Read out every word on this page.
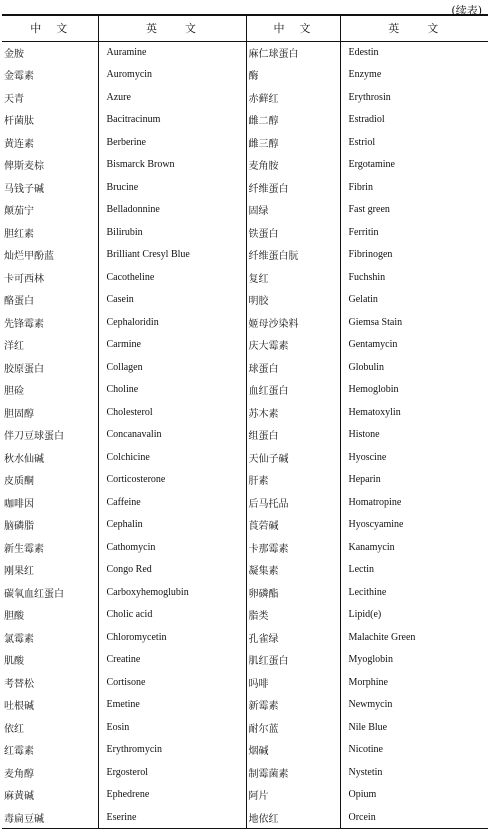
(续表)
中　文	英　　文	中　文	英　　文
金胺	Auramine	麻仁球蛋白	Edestin
金霉素	Auromycin	酶	Enzyme
天青	Azure	赤藓红	Erythrosin
杆菌肽	Bacitracinum	雌二醇	Estradiol
黄连素	Berberine	雌三醇	Estriol
俾斯麦棕	Bismarck Brown	麦角胺	Ergotamine
马钱子碱	Brucine	纤维蛋白	Fibrin
颠茄宁	Belladonnine	固绿	Fast green
胆红素	Bilirubin	铁蛋白	Ferritin
灿烂甲酚蓝	Brilliant Cresyl Blue	纤维蛋白朊	Fibrinogen
卡可西林	Cacotheline	复红	Fuchshin
酪蛋白	Casein	明胶	Gelatin
先锋霉素	Cephaloridin	姬母沙染料	Giemsa Stain
洋红	Carmine	庆大霉素	Gentamycin
胶原蛋白	Collagen	球蛋白	Globulin
胆硷	Choline	血红蛋白	Hemoglobin
胆固醇	Cholesterol	苏木素	Hematoxylin
伴刀豆球蛋白	Concanavalin	组蛋白	Histone
秋水仙碱	Colchicine	天仙子碱	Hyoscine
皮质酮	Corticosterone	肝素	Heparin
咖啡因	Caffeine	后马托品	Homatropine
脑磷脂	Cephalin	莨菪碱	Hyoscyamine
新生霉素	Cathomycin	卡那霉素	Kanamycin
刚果红	Congo Red	凝集素	Lectin
碳氧血红蛋白	Carboxyhemoglubin	卵磷酯	Lecithine
胆酸	Cholic acid	脂类	Lipid(e)
氯霉素	Chloromycetin	孔雀绿	Malachite Green
肌酸	Creatine	肌红蛋白	Myoglobin
考替松	Cortisone	吗啡	Morphine
吐根碱	Emetine	新霉素	Newmycin
依红	Eosin	耐尔蓝	Nile Blue
红霉素	Erythromycin	烟碱	Nicotine
麦角醇	Ergosterol	制霉菌素	Nystetin
麻黄碱	Ephedrene	阿片	Opium
毒扁豆碱	Eserine	地依红	Orcein
